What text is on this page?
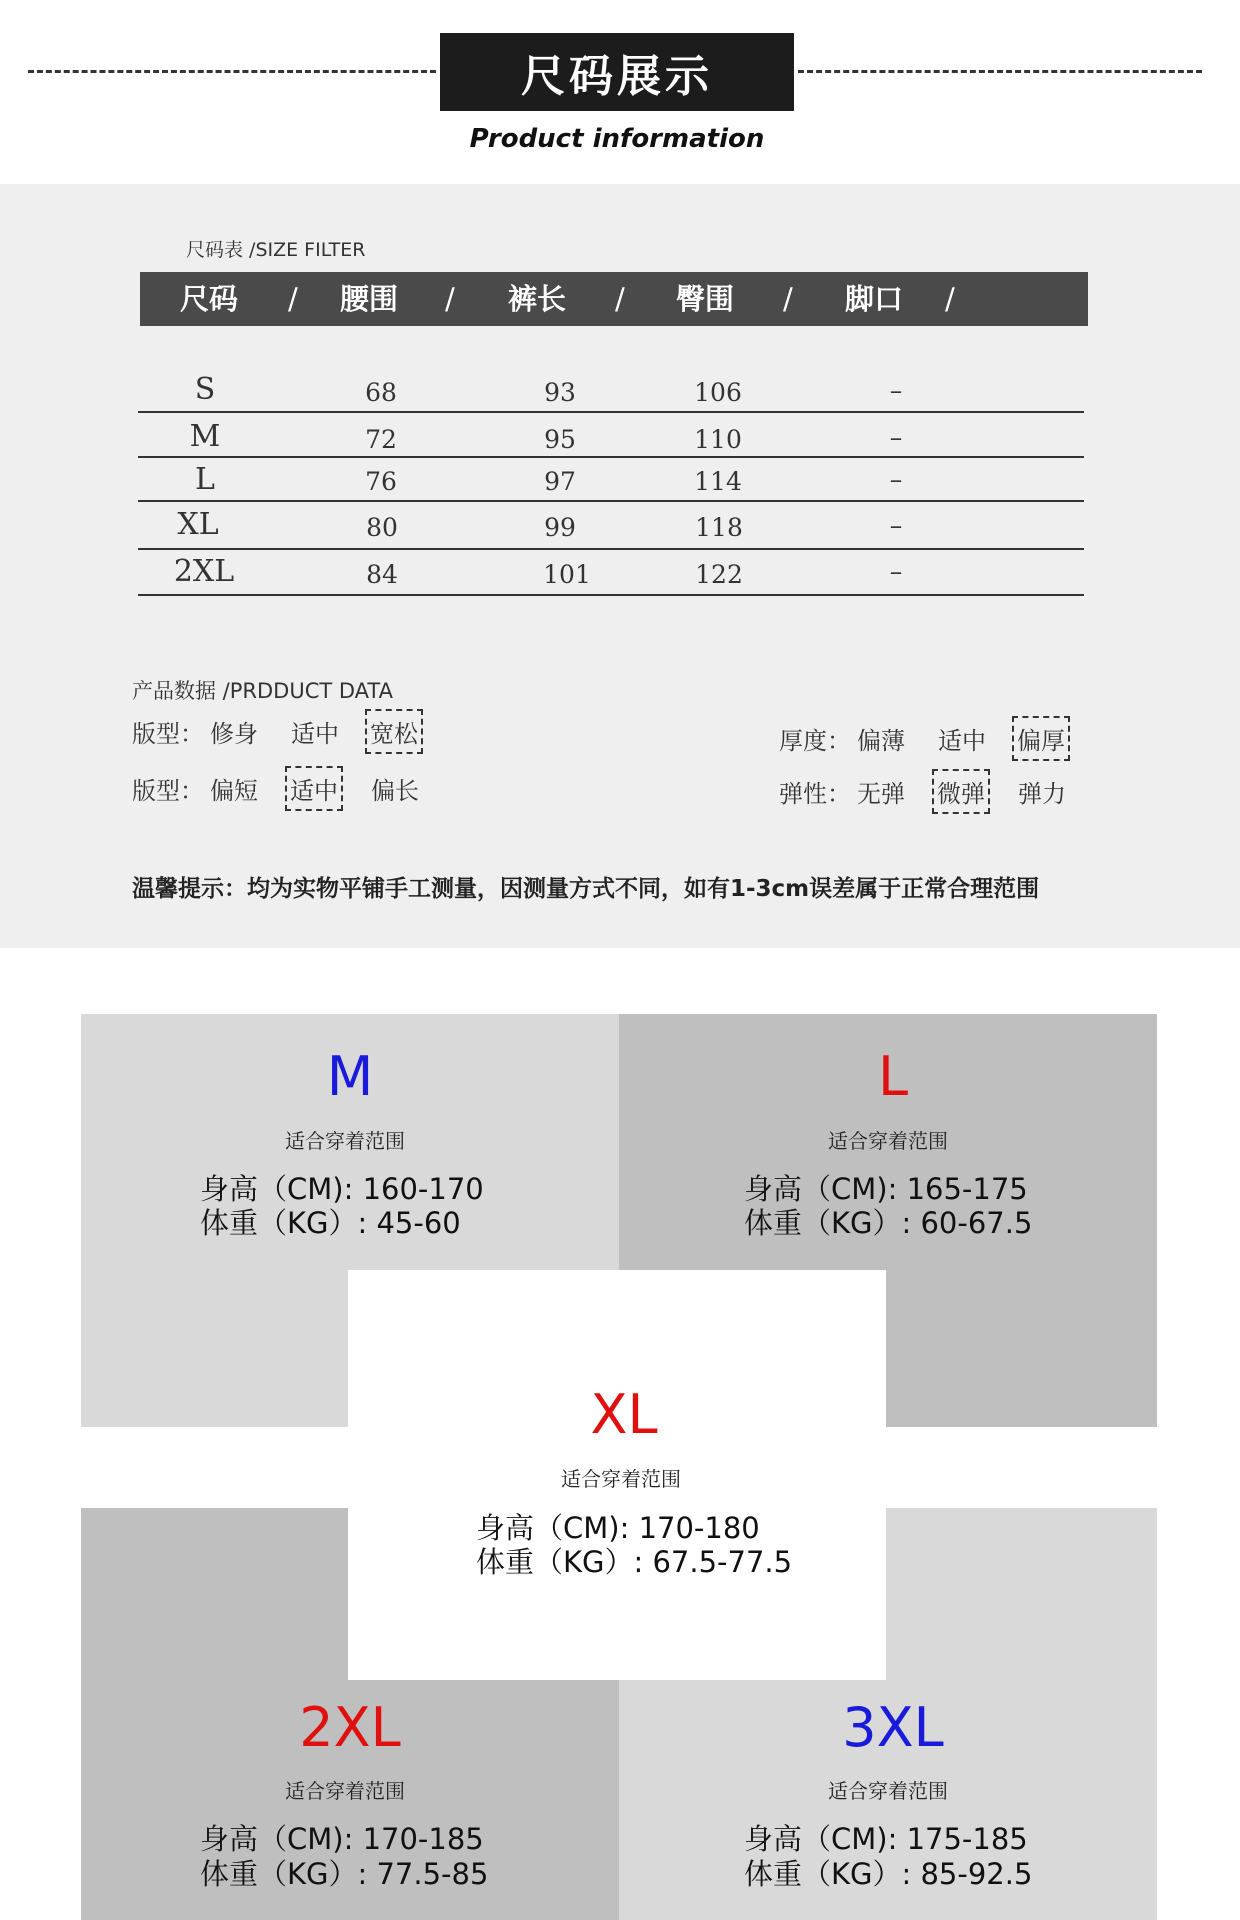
尺码展示
Product information
尺码表 /SIZE FILTER
尺码 / 腰围 / 裤长 / 臀围 / 脚口 /
S	68	93	106	–
M	72	95	110	–
L	76	97	114	–
XL	80	99	118	–
2XL	84	101	122	–
产品数据 /PRDDUCT DATA
版型： 修身 适中 宽松
版型： 偏短 适中 偏长
厚度： 偏薄 适中 偏厚
弹性： 无弹 微弹 弹力
温馨提示：均为实物平铺手工测量，因测量方式不同，如有1-3cm误差属于正常合理范围
M
适合穿着范围
身高（CM): 160-170
体重（KG）: 45-60
L
适合穿着范围
身高（CM): 165-175
体重（KG）: 60-67.5
XL
适合穿着范围
身高（CM): 170-180
体重（KG）: 67.5-77.5
2XL
适合穿着范围
身高（CM): 170-185
体重（KG）: 77.5-85
3XL
适合穿着范围
身高（CM): 175-185
体重（KG）: 85-92.5
